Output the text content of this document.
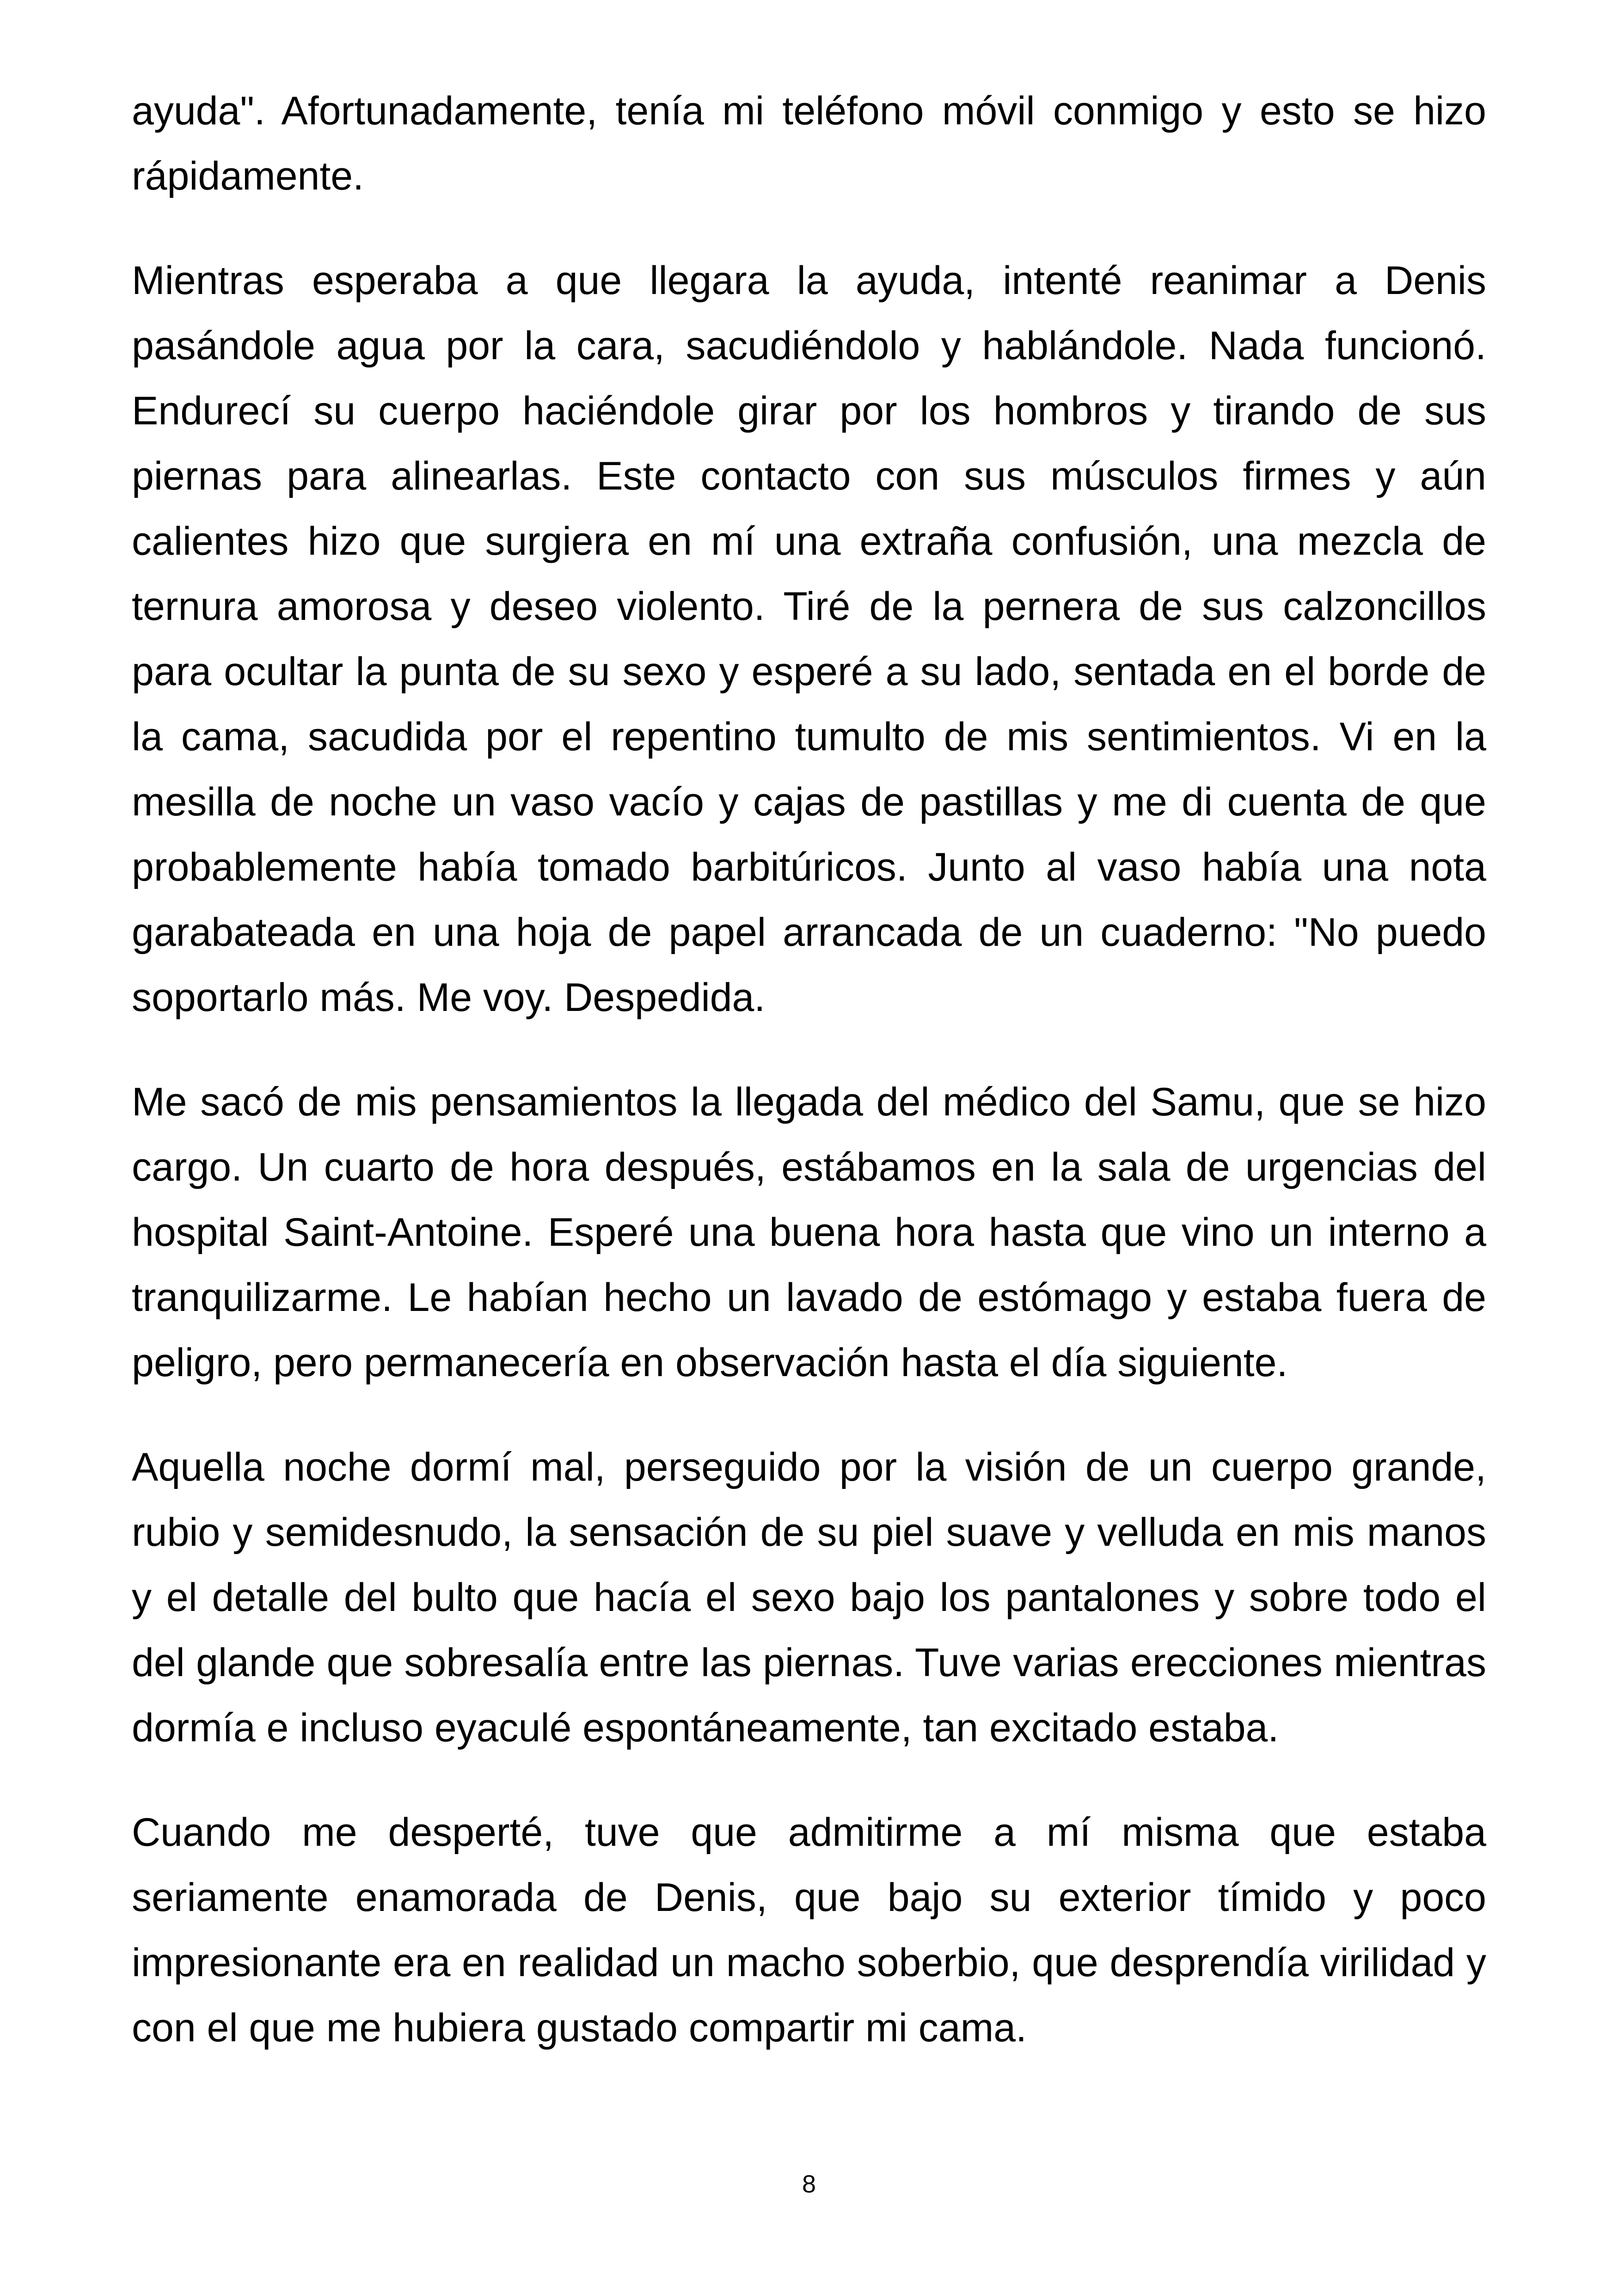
ayuda". Afortunadamente, tenía mi teléfono móvil conmigo y esto se hizo rápidamente.

Mientras esperaba a que llegara la ayuda, intenté reanimar a Denis pasándole agua por la cara, sacudiéndolo y hablándole. Nada funcionó. Endurecí su cuerpo haciéndole girar por los hombros y tirando de sus piernas para alinearlas. Este contacto con sus músculos firmes y aún calientes hizo que surgiera en mí una extraña confusión, una mezcla de ternura amorosa y deseo violento. Tiré de la pernera de sus calzoncillos para ocultar la punta de su sexo y esperé a su lado, sentada en el borde de la cama, sacudida por el repentino tumulto de mis sentimientos. Vi en la mesilla de noche un vaso vacío y cajas de pastillas y me di cuenta de que probablemente había tomado barbitúricos. Junto al vaso había una nota garabateada en una hoja de papel arrancada de un cuaderno: "No puedo soportarlo más. Me voy. Despedida.

Me sacó de mis pensamientos la llegada del médico del Samu, que se hizo cargo. Un cuarto de hora después, estábamos en la sala de urgencias del hospital Saint-Antoine. Esperé una buena hora hasta que vino un interno a tranquilizarme. Le habían hecho un lavado de estómago y estaba fuera de peligro, pero permanecería en observación hasta el día siguiente.

Aquella noche dormí mal, perseguido por la visión de un cuerpo grande, rubio y semidesnudo, la sensación de su piel suave y velluda en mis manos y el detalle del bulto que hacía el sexo bajo los pantalones y sobre todo el del glande que sobresalía entre las piernas. Tuve varias erecciones mientras dormía e incluso eyaculé espontáneamente, tan excitado estaba.

Cuando me desperté, tuve que admitirme a mí misma que estaba seriamente enamorada de Denis, que bajo su exterior tímido y poco impresionante era en realidad un macho soberbio, que desprendía virilidad y con el que me hubiera gustado compartir mi cama.

8
